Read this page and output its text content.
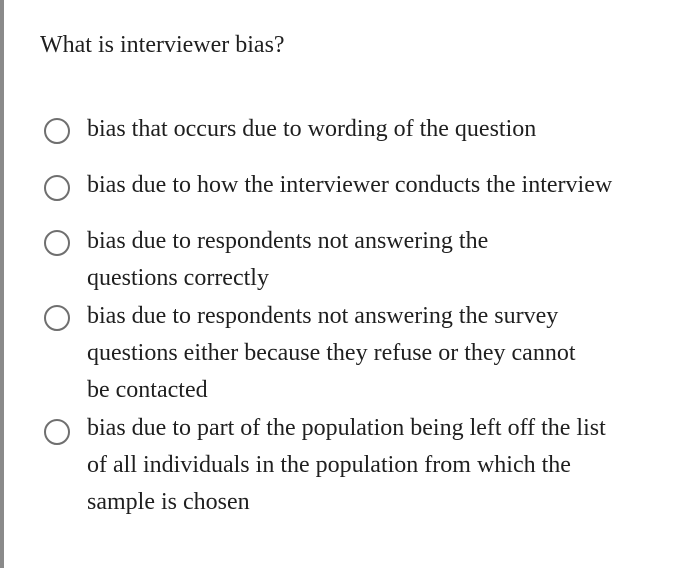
What is interviewer bias?
bias that occurs due to wording of the question
bias due to how the interviewer conducts the interview
bias due to respondents not answering the
questions correctly
bias due to respondents not answering the survey
questions either because they refuse or they cannot
be contacted
bias due to part of the population being left off the list
of all individuals in the population from which the
sample is chosen
